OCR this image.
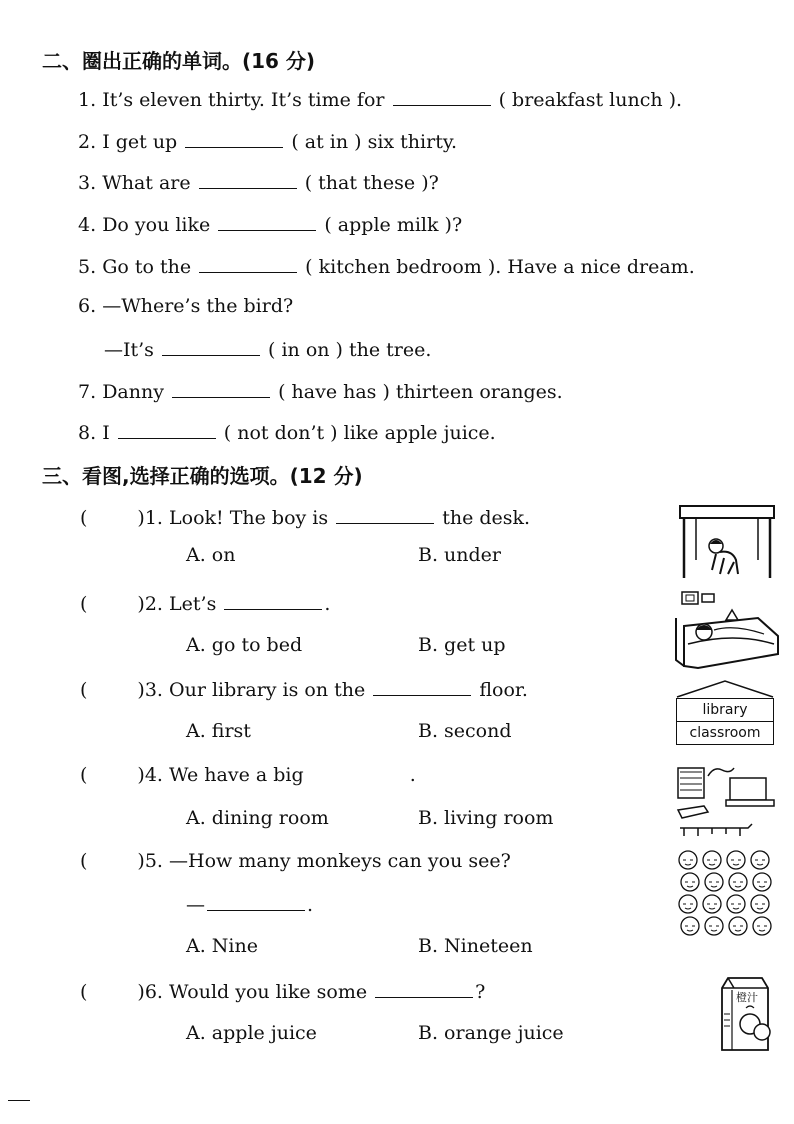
二、圈出正确的单词。(16 分)
1. It’s eleven thirty. It’s time for	( breakfast lunch ).
2. I get up	( at in ) six thirty.
3. What are	( that these )?
4. Do you like	( apple milk )?
5. Go to the	( kitchen bedroom ). Have a nice dream.
6. —Where’s the bird?
—It’s	( in on ) the tree.
7. Danny	( have has ) thirteen oranges.
8. I	( not don’t ) like apple juice.
三、看图,选择正确的选项。(12 分)
(	)1. Look! The boy is	the desk.
A. on	B. under
(	)2. Let’s	.
A. go to bed	B. get up
(	)3. Our library is on the	floor.
A. first	B. second
(	)4. We have a big	.
A. dining room	B. living room
(	)5. —How many monkeys can you see?
—	.
A. Nine	B. Nineteen
(	)6. Would you like some	?
A. apple juice	B. orange juice
library
classroom
橙汁
